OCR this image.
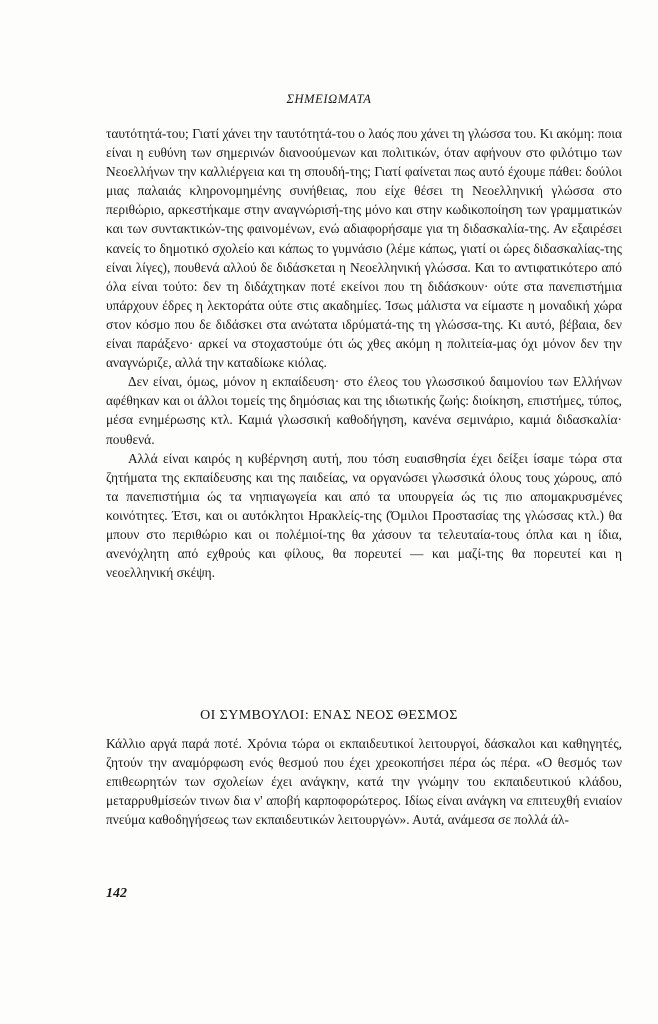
ΣΗΜΕΙΩΜΑΤΑ

ταυτότητά-του; Γιατί χάνει την ταυτότητά-του ο λαός που χάνει τη γλώσσα του. Κι ακόμη: ποια είναι η ευθύνη των σημερινών διανοούμενων και πολιτικών, όταν αφήνουν στο φιλότιμο των Νεοελλήνων την καλλιέργεια και τη σπουδή-της; Γιατί φαίνεται πως αυτό έχουμε πάθει: δούλοι μιας παλαιάς κληρονομημένης συνήθειας, που είχε θέσει τη Νεοελληνική γλώσσα στο περιθώριο, αρκεστήκαμε στην αναγνώρισή-της μόνο και στην κωδικοποίηση των γραμματικών και των συντακτικών-της φαινομένων, ενώ αδιαφορήσαμε για τη διδασκαλία-της. Αν εξαιρέσει κανείς το δημοτικό σχολείο και κάπως το γυμνάσιο (λέμε κάπως, γιατί οι ώρες διδασκαλίας-της είναι λίγες), πουθενά αλλού δε διδάσκεται η Νεοελληνική γλώσσα. Και το αντιφατικότερο από όλα είναι τούτο: δεν τη διδάχτηκαν ποτέ εκείνοι που τη διδάσκουν· ούτε στα πανεπιστήμια υπάρχουν έδρες η λεκτοράτα ούτε στις ακαδημίες. Ίσως μάλιστα να είμαστε η μοναδική χώρα στον κόσμο που δε διδάσκει στα ανώτατα ιδρύματά-της τη γλώσσα-της. Κι αυτό, βέβαια, δεν είναι παράξενο· αρκεί να στοχαστούμε ότι ώς χθες ακόμη η πολιτεία-μας όχι μόνον δεν την αναγνώριζε, αλλά την καταδίωκε κιόλας.

Δεν είναι, όμως, μόνον η εκπαίδευση· στο έλεος του γλωσσικού δαιμονίου των Ελλήνων αφέθηκαν και οι άλλοι τομείς της δημόσιας και της ιδιωτικής ζωής: διοίκηση, επιστήμες, τύπος, μέσα ενημέρωσης κτλ. Καμιά γλωσσική καθοδήγηση, κανένα σεμινάριο, καμιά διδασκαλία· πουθενά.

Αλλά είναι καιρός η κυβέρνηση αυτή, που τόση ευαισθησία έχει δείξει ίσαμε τώρα στα ζητήματα της εκπαίδευσης και της παιδείας, να οργανώσει γλωσσικά όλους τους χώρους, από τα πανεπιστήμια ώς τα νηπιαγωγεία και από τα υπουργεία ώς τις πιο απομακρυσμένες κοινότητες. Έτσι, και οι αυτόκλητοι Ηρακλείς-της (Όμιλοι Προστασίας της γλώσσας κτλ.) θα μπουν στο περιθώριο και οι πολέμιοί-της θα χάσουν τα τελευταία-τους όπλα και η ίδια, ανενόχλητη από εχθρούς και φίλους, θα πορευτεί — και μαζί-της θα πορευτεί και η νεοελληνική σκέψη.

ΟΙ ΣΥΜΒΟΥΛΟΙ: ΕΝΑΣ ΝΕΟΣ ΘΕΣΜΟΣ

Κάλλιο αργά παρά ποτέ. Χρόνια τώρα οι εκπαιδευτικοί λειτουργοί, δάσκαλοι και καθηγητές, ζητούν την αναμόρφωση ενός θεσμού που έχει χρεοκοπήσει πέρα ώς πέρα. «Ο θεσμός των επιθεωρητών των σχολείων έχει ανάγκην, κατά την γνώμην του εκπαιδευτικού κλάδου, μεταρρυθμίσεών τινων δια ν' αποβή καρποφορώτερος. Ιδίως είναι ανάγκη να επιτευχθή ενιαίον πνεύμα καθοδηγήσεως των εκπαιδευτικών λειτουργών». Αυτά, ανάμεσα σε πολλά άλ-

142
